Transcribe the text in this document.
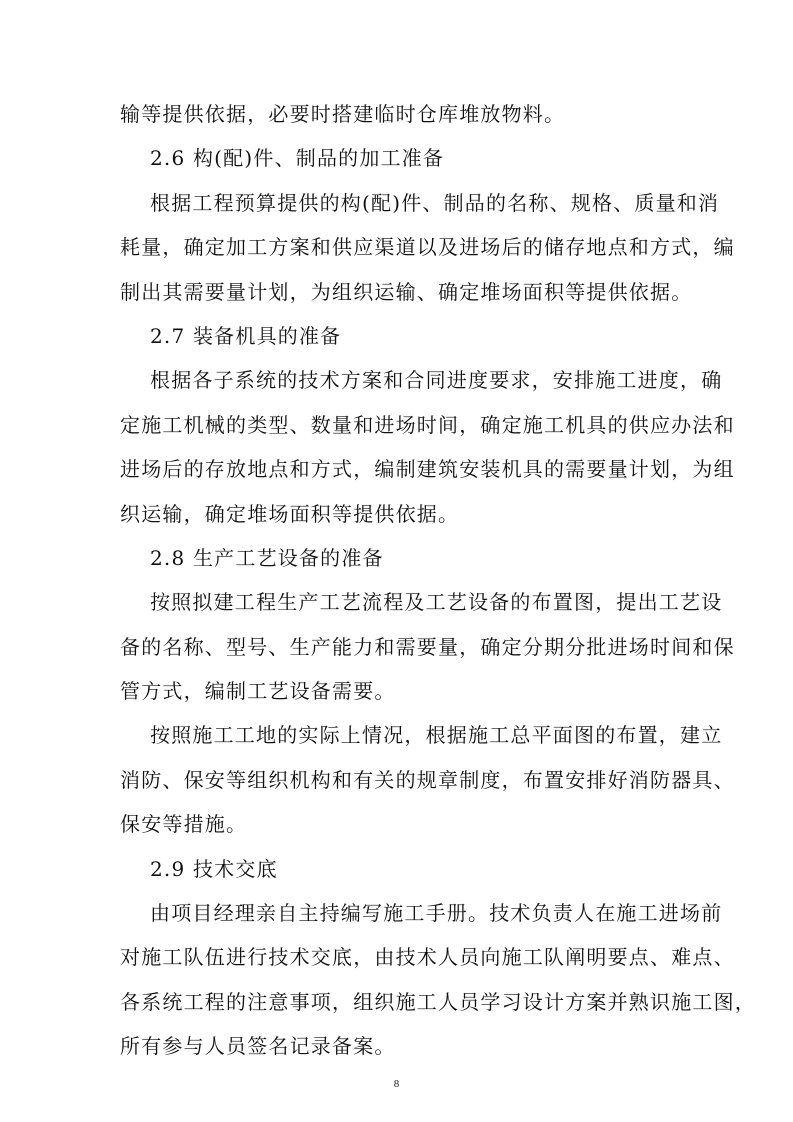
输等提供依据，必要时搭建临时仓库堆放物料。
2.6 构(配)件、制品的加工准备
根据工程预算提供的构(配)件、制品的名称、规格、质量和消
耗量，确定加工方案和供应渠道以及进场后的储存地点和方式，编
制出其需要量计划，为组织运输、确定堆场面积等提供依据。
2.7 装备机具的准备
根据各子系统的技术方案和合同进度要求，安排施工进度，确
定施工机械的类型、数量和进场时间，确定施工机具的供应办法和
进场后的存放地点和方式，编制建筑安装机具的需要量计划，为组
织运输，确定堆场面积等提供依据。
2.8 生产工艺设备的准备
按照拟建工程生产工艺流程及工艺设备的布置图，提出工艺设
备的名称、型号、生产能力和需要量，确定分期分批进场时间和保
管方式，编制工艺设备需要。
按照施工工地的实际上情况，根据施工总平面图的布置，建立
消防、保安等组织机构和有关的规章制度，布置安排好消防器具、
保安等措施。
2.9 技术交底
由项目经理亲自主持编写施工手册。技术负责人在施工进场前
对施工队伍进行技术交底，由技术人员向施工队阐明要点、难点、
各系统工程的注意事项，组织施工人员学习设计方案并熟识施工图，
所有参与人员签名记录备案。
8
